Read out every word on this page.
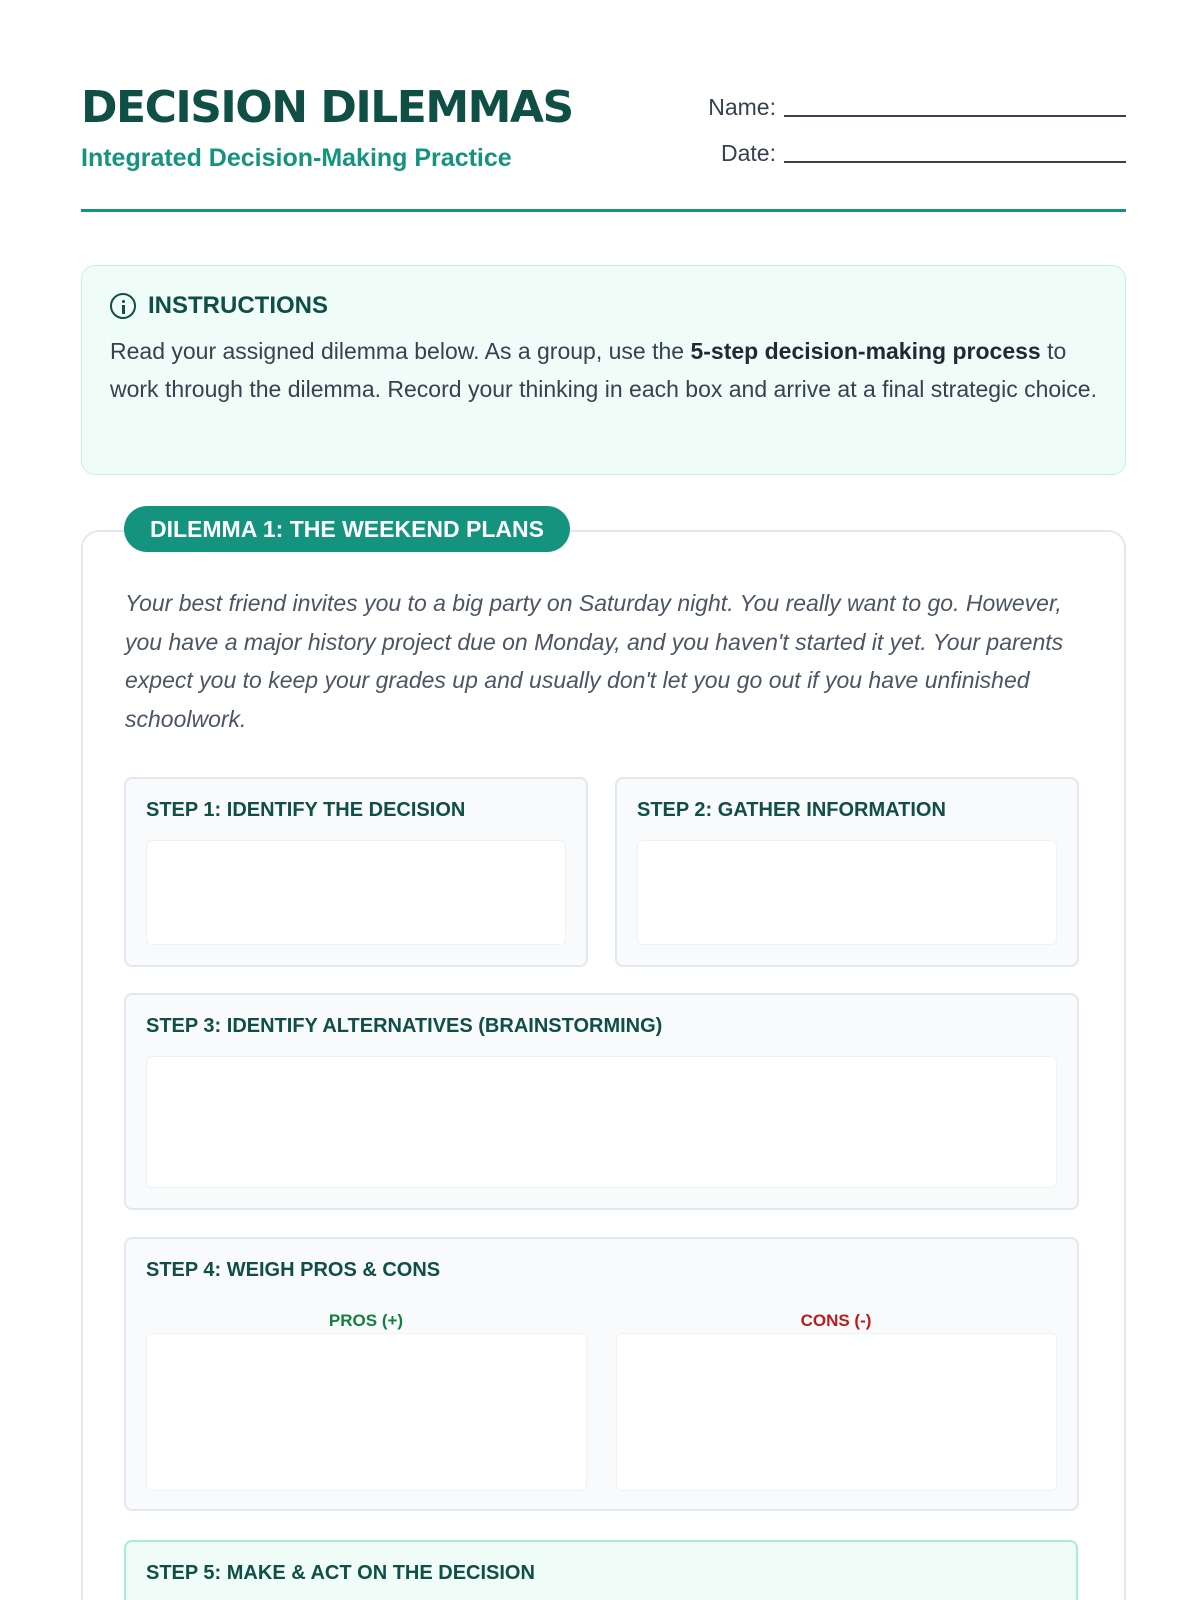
DECISION DILEMMAS
Integrated Decision-Making Practice
Name:
Date:
INSTRUCTIONS

Read your assigned dilemma below. As a group, use the 5-step decision-making process to work through the dilemma. Record your thinking in each box and arrive at a final strategic choice.

DILEMMA 1: THE WEEKEND PLANS

Your best friend invites you to a big party on Saturday night. You really want to go. However, you have a major history project due on Monday, and you haven't started it yet. Your parents expect you to keep your grades up and usually don't let you go out if you have unfinished schoolwork.

STEP 1: IDENTIFY THE DECISION	STEP 2: GATHER INFORMATION
STEP 3: IDENTIFY ALTERNATIVES (BRAINSTORMING)
STEP 4: WEIGH PROS & CONS
PROS (+)	CONS (-)
STEP 5: MAKE & ACT ON THE DECISION
